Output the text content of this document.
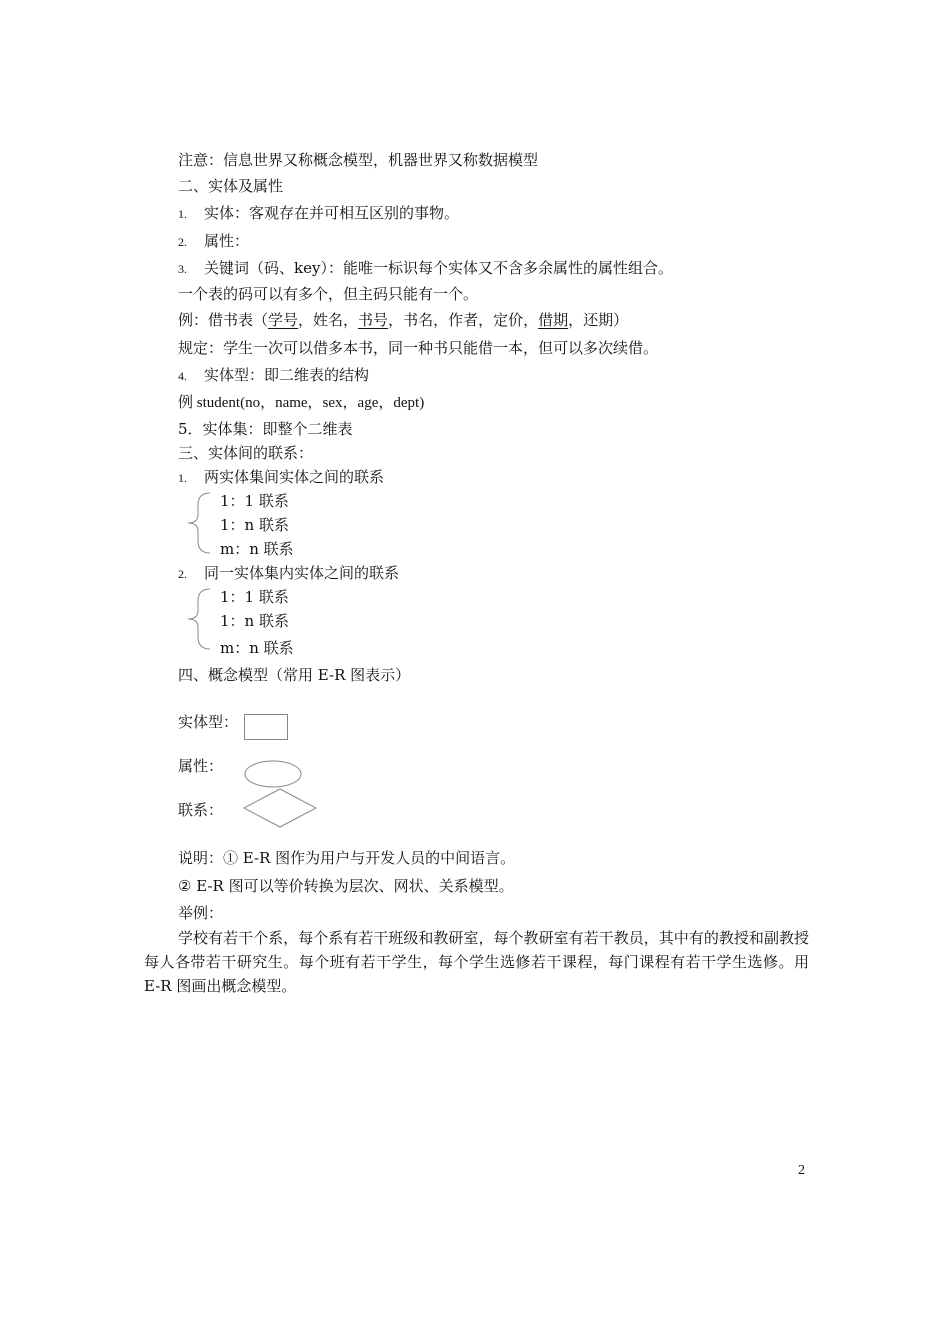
注意：信息世界又称概念模型，机器世界又称数据模型
二、实体及属性
1. 实体：客观存在并可相互区别的事物。
2. 属性：
3. 关键词（码、key）：能唯一标识每个实体又不含多余属性的属性组合。
一个表的码可以有多个，但主码只能有一个。
例：借书表（学号，姓名，书号，书名，作者，定价，借期，还期）
规定：学生一次可以借多本书，同一种书只能借一本，但可以多次续借。
4. 实体型：即二维表的结构
例 student(no，name，sex，age，dept)
5．实体集：即整个二维表
三、实体间的联系：
1. 两实体集间实体之间的联系
1：1 联系
1：n 联系
m：n 联系
2. 同一实体集内实体之间的联系
1：1 联系
1：n 联系
m：n 联系
四、概念模型（常用 E-R 图表示）
实体型：
属性：
联系：
说明：① E-R 图作为用户与开发人员的中间语言。
② E-R 图可以等价转换为层次、网状、关系模型。
举例：
学校有若干个系，每个系有若干班级和教研室，每个教研室有若干教员，其中有的教授和副教授每人各带若干研究生。每个班有若干学生，每个学生选修若干课程，每门课程有若干学生选修。用 E-R 图画出概念模型。
2
